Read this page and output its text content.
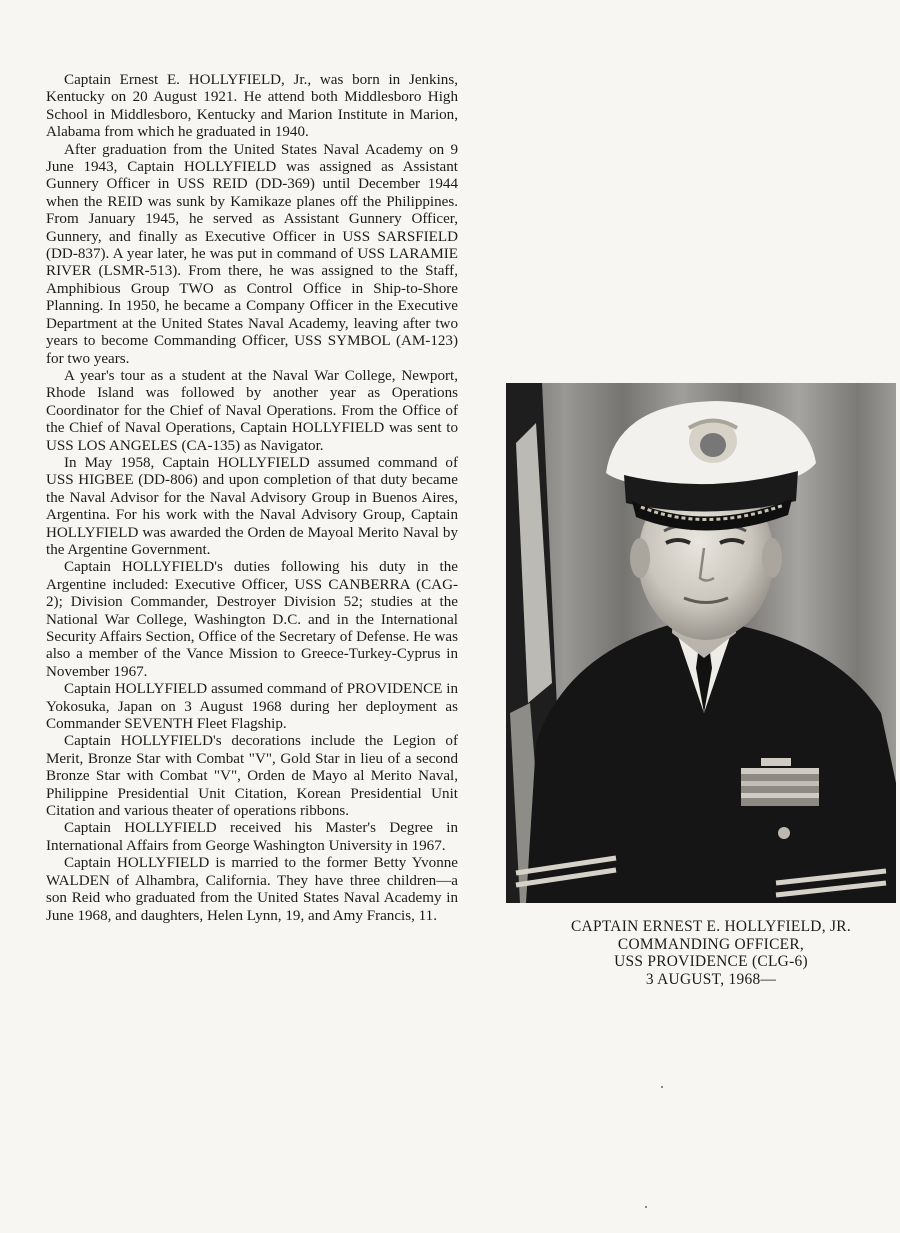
Captain Ernest E. HOLLYFIELD, Jr., was born in Jenkins, Kentucky on 20 August 1921. He attend both Middlesboro High School in Middlesboro, Kentucky and Marion Institute in Marion, Alabama from which he graduated in 1940.

After graduation from the United States Naval Academy on 9 June 1943, Captain HOLLYFIELD was assigned as Assistant Gunnery Officer in USS REID (DD-369) until December 1944 when the REID was sunk by Kamikaze planes off the Philippines. From January 1945, he served as Assistant Gunnery Officer, Gunnery, and finally as Executive Officer in USS SARSFIELD (DD-837). A year later, he was put in command of USS LARAMIE RIVER (LSMR-513). From there, he was assigned to the Staff, Amphibious Group TWO as Control Office in Ship-to-Shore Planning. In 1950, he became a Company Officer in the Executive Department at the United States Naval Academy, leaving after two years to become Commanding Officer, USS SYMBOL (AM-123) for two years.

A year's tour as a student at the Naval War College, Newport, Rhode Island was followed by another year as Operations Coordinator for the Chief of Naval Operations. From the Office of the Chief of Naval Operations, Captain HOLLYFIELD was sent to USS LOS ANGELES (CA-135) as Navigator.

In May 1958, Captain HOLLYFIELD assumed command of USS HIGBEE (DD-806) and upon completion of that duty became the Naval Advisor for the Naval Advisory Group in Buenos Aires, Argentina. For his work with the Naval Advisory Group, Captain HOLLYFIELD was awarded the Orden de Mayoal Merito Naval by the Argentine Government.

Captain HOLLYFIELD's duties following his duty in the Argentine included: Executive Officer, USS CANBERRA (CAG-2); Division Commander, Destroyer Division 52; studies at the National War College, Washington D.C. and in the International Security Affairs Section, Office of the Secretary of Defense. He was also a member of the Vance Mission to Greece-Turkey-Cyprus in November 1967.

Captain HOLLYFIELD assumed command of PROVIDENCE in Yokosuka, Japan on 3 August 1968 during her deployment as Commander SEVENTH Fleet Flagship.

Captain HOLLYFIELD's decorations include the Legion of Merit, Bronze Star with Combat "V", Gold Star in lieu of a second Bronze Star with Combat "V", Orden de Mayo al Merito Naval, Philippine Presidential Unit Citation, Korean Presidential Unit Citation and various theater of operations ribbons.

Captain HOLLYFIELD received his Master's Degree in International Affairs from George Washington University in 1967.

Captain HOLLYFIELD is married to the former Betty Yvonne WALDEN of Alhambra, California. They have three children—a son Reid who graduated from the United States Naval Academy in June 1968, and daughters, Helen Lynn, 19, and Amy Francis, 11.

CAPTAIN ERNEST E. HOLLYFIELD, JR.
COMMANDING OFFICER,
USS PROVIDENCE (CLG-6)
3 AUGUST, 1968—
